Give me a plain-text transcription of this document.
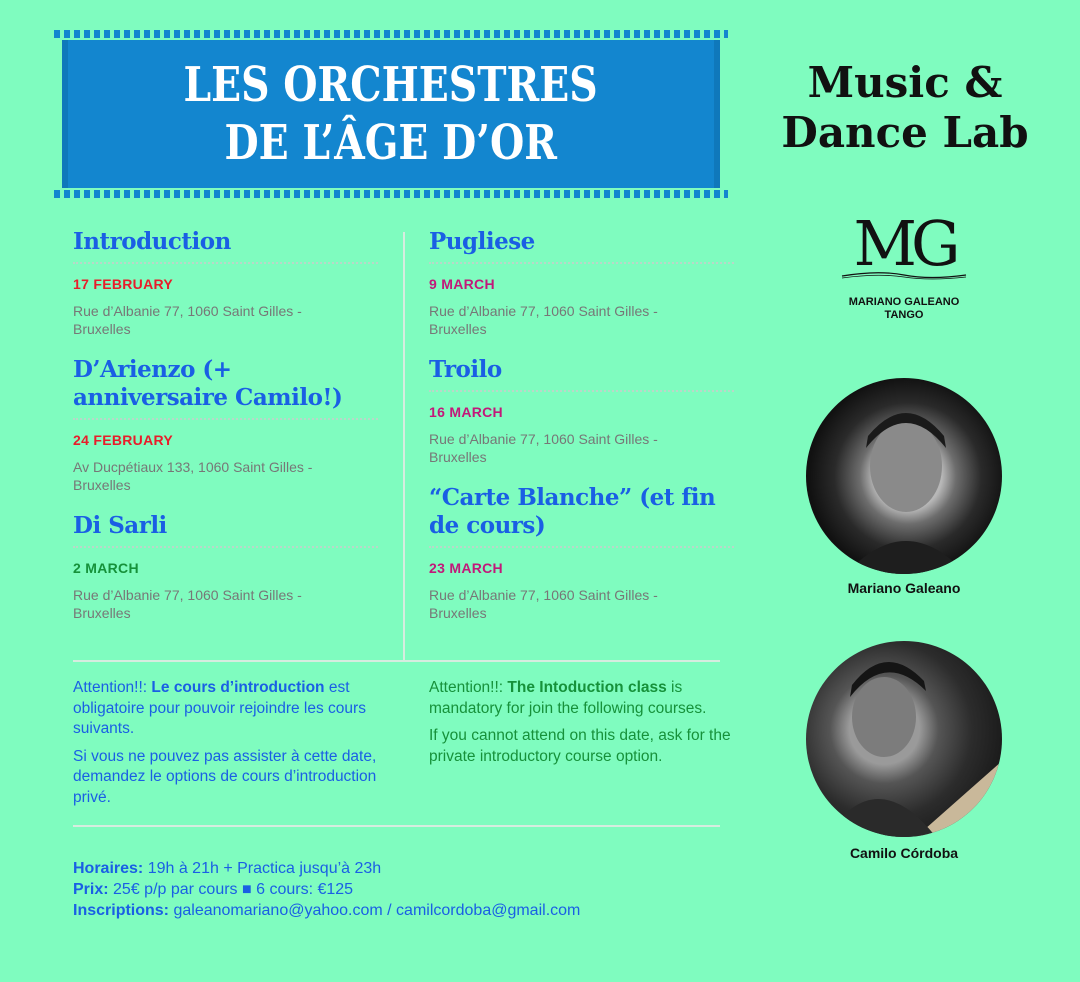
LES ORCHESTRES
DE L’ÂGE D’OR
Music &
Dance Lab
MG
MARIANO GALEANO
TANGO
Introduction
17 FEBRUARY
Rue d’Albanie 77, 1060 Saint Gilles -
Bruxelles
D’Arienzo (+ anniversaire Camilo!)
24 FEBRUARY
Av Ducpétiaux 133, 1060 Saint Gilles -
Bruxelles
Di Sarli
2 MARCH
Rue d’Albanie 77, 1060 Saint Gilles -
Bruxelles
Pugliese
9 MARCH
Rue d’Albanie 77, 1060 Saint Gilles -
Bruxelles
Troilo
16 MARCH
Rue d’Albanie 77, 1060 Saint Gilles -
Bruxelles
“Carte Blanche” (et fin de cours)
23 MARCH
Rue d’Albanie 77, 1060 Saint Gilles -
Bruxelles

Attention!!: Le cours d’introduction est obligatoire pour pouvoir rejoindre les cours suivants.

Si vous ne pouvez pas assister à cette date, demandez le options de cours d’introduction privé.

Attention!!: The Intoduction class is mandatory for join the following courses.

If you cannot attend on this date, ask for the private introductory course option.

Horaires: 19h à 21h + Practica jusqu’à 23h
Prix: 25€ p/p par cours ■ 6 cours: €125
Inscriptions: galeanomariano@yahoo.com / camilcordoba@gmail.com
Mariano Galeano
Camilo Córdoba
